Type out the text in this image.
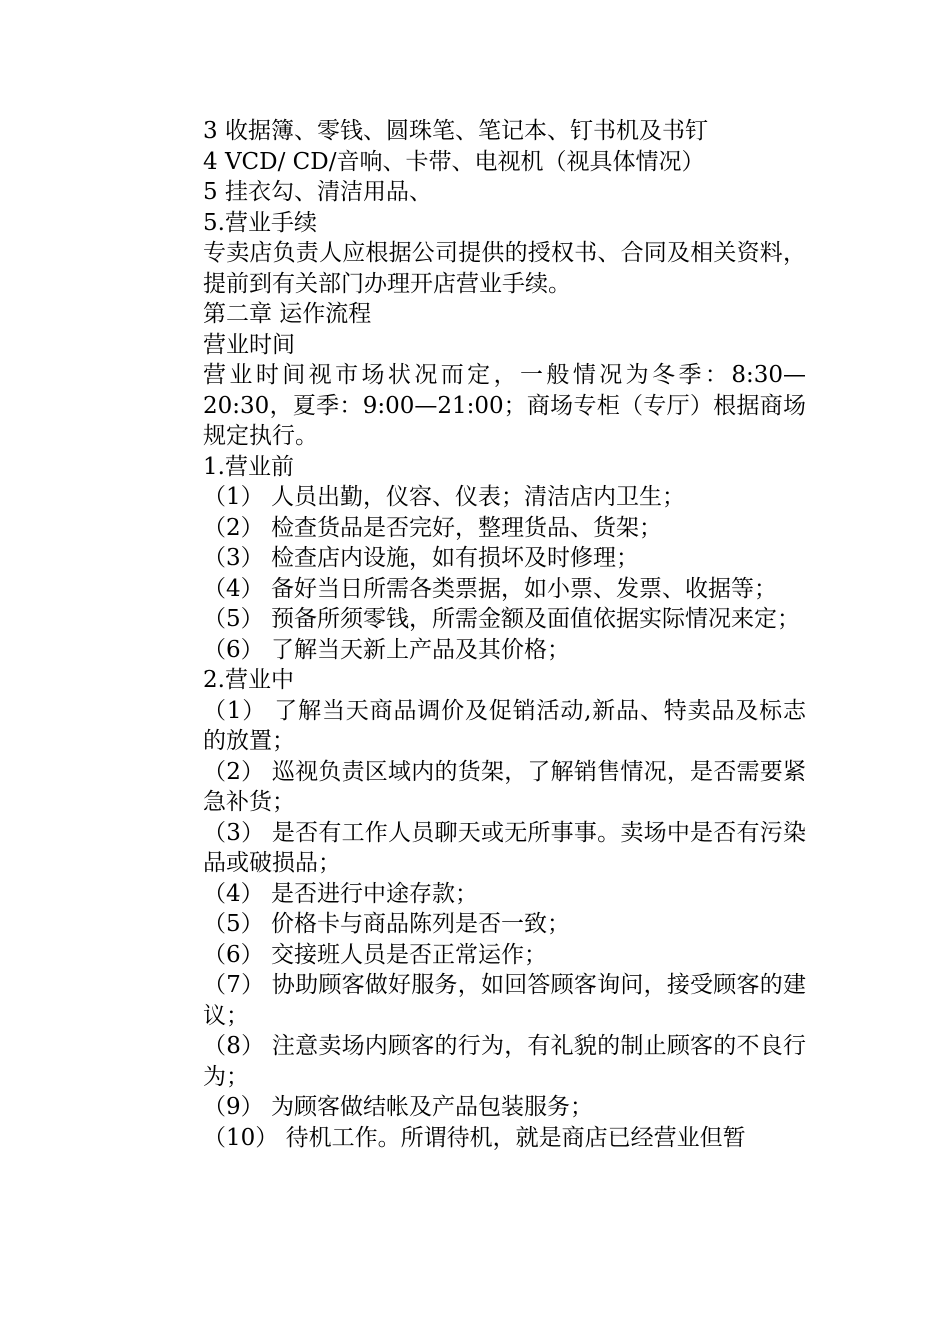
3 收据簿、零钱、圆珠笔、笔记本、钉书机及书钉

4 VCD/ CD/音响、卡带、电视机（视具体情况）

5 挂衣勾、清洁用品、

5.营业手续

专卖店负责人应根据公司提供的授权书、合同及相关资料，提前到有关部门办理开店营业手续。

第二章 运作流程

营业时间

营业时间视市场状况而定，一般情况为冬季：8:30—20:30，夏季：9:00—21:00；商场专柜（专厅）根据商场规定执行。

1.营业前

（1） 人员出勤，仪容、仪表；清洁店内卫生；

（2） 检查货品是否完好，整理货品、货架；

（3） 检查店内设施，如有损坏及时修理；

（4） 备好当日所需各类票据，如小票、发票、收据等；

（5） 预备所须零钱，所需金额及面值依据实际情况来定；

（6） 了解当天新上产品及其价格；

2.营业中

（1） 了解当天商品调价及促销活动,新品、特卖品及标志的放置；

（2） 巡视负责区域内的货架，了解销售情况，是否需要紧急补货；

（3） 是否有工作人员聊天或无所事事。卖场中是否有污染品或破损品；

（4） 是否进行中途存款；

（5） 价格卡与商品陈列是否一致；

（6） 交接班人员是否正常运作；

（7） 协助顾客做好服务，如回答顾客询问，接受顾客的建议；

（8） 注意卖场内顾客的行为，有礼貌的制止顾客的不良行为；

（9） 为顾客做结帐及产品包装服务；

（10） 待机工作。所谓待机，就是商店已经营业但暂
